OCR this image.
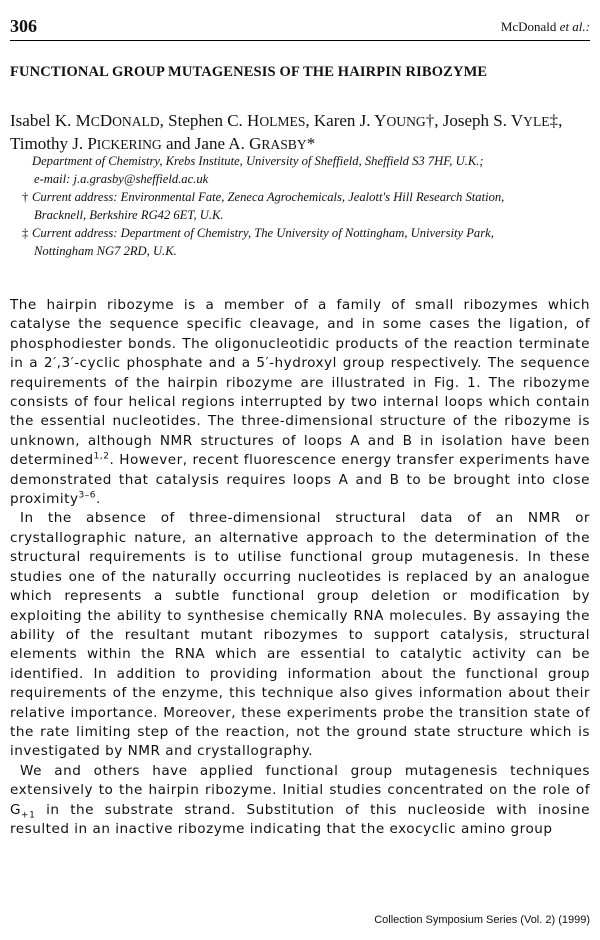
306	McDonald et al.:
FUNCTIONAL GROUP MUTAGENESIS OF THE HAIRPIN RIBOZYME
Isabel K. MCDONALD, Stephen C. HOLMES, Karen J. YOUNG†, Joseph S. VYLE‡,
Timothy J. PICKERING and Jane A. GRASBY*

Department of Chemistry, Krebs Institute, University of Sheffield, Sheffield S3 7HF, U.K.;

e-mail: j.a.grasby@sheffield.ac.uk

† Current address: Environmental Fate, Zeneca Agrochemicals, Jealott's Hill Research Station,

Bracknell, Berkshire RG42 6ET, U.K.

‡ Current address: Department of Chemistry, The University of Nottingham, University Park,

Nottingham NG7 2RD, U.K.

The hairpin ribozyme is a member of a family of small ribozymes which catalyse the sequence specific cleavage, and in some cases the ligation, of phosphodiester bonds. The oligonucleotidic products of the reaction terminate in a 2′,3′-cyclic phosphate and a 5′-hydroxyl group respectively. The sequence requirements of the hairpin ribozyme are illustrated in Fig. 1. The ribozyme consists of four helical regions interrupted by two internal loops which contain the essential nucleotides. The three-dimensional structure of the ribozyme is unknown, although NMR structures of loops A and B in isolation have been determined$^{1,2}$. However, recent fluorescence energy transfer experiments have demonstrated that catalysis requires loops A and B to be brought into close proximity$^{3-6}$.

In the absence of three-dimensional structural data of an NMR or crystallographic nature, an alternative approach to the determination of the structural requirements is to utilise functional group mutagenesis. In these studies one of the naturally occurring nucleotides is replaced by an analogue which represents a subtle functional group deletion or modification by exploiting the ability to synthesise chemically RNA molecules. By assaying the ability of the resultant mutant ribozymes to support catalysis, structural elements within the RNA which are essential to catalytic activity can be identified. In addition to providing information about the functional group requirements of the enzyme, this technique also gives information about their relative importance. Moreover, these experiments probe the transition state of the rate limiting step of the reaction, not the ground state structure which is investigated by NMR and crystallography.

We and others have applied functional group mutagenesis techniques extensively to the hairpin ribozyme. Initial studies concentrated on the role of $G_{+1}$ in the substrate strand. Substitution of this nucleoside with inosine resulted in an inactive ribozyme indicating that the exocyclic amino group

Collection Symposium Series (Vol. 2) (1999)
